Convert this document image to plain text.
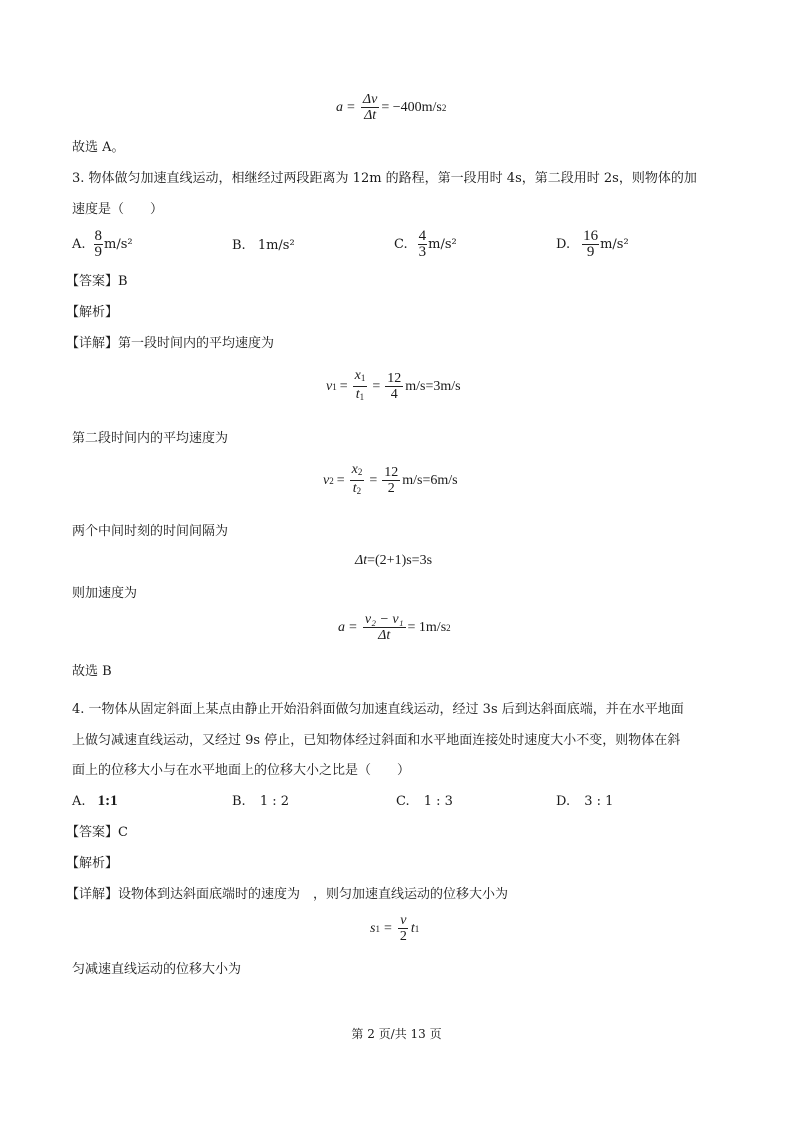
$a = \frac{\Delta v}{\Delta t} = -400m/s$ 2
故选 A。
3. 物体做匀加速直线运动，相继经过两段距离为 12m 的路程，第一段用时 4s，第二段用时 2s，则物体的加
速度是（　　）
A. $\frac{8}{9} m/s^2$	B. 1m/s²	C. $\frac{4}{3} m/s^2$	D. $\frac{16}{9} m/s^2$
【答案】B
【解析】
【详解】第一段时间内的平均速度为
v $1 = \frac{x_1}{t_1} = \frac{12}{4} m/s=3m/s$
第二段时间内的平均速度为
v $2 = \frac{x_2}{t_2} = \frac{12}{2} m/s=6m/s$
两个中间时刻的时间间隔为
Δt=(2+1)s=3s
则加速度为
$a = \frac{\text{v₂ − v₁}}{\Delta t} = 1m/s$ 2
故选 B
4. 一物体从固定斜面上某点由静止开始沿斜面做匀加速直线运动，经过 3s 后到达斜面底端，并在水平地面
上做匀减速直线运动，又经过 9s 停止，已知物体经过斜面和水平地面连接处时速度大小不变，则物体在斜
面上的位移大小与在水平地面上的位移大小之比是（　　）
A. 1:1	B. 1 : 2	C. 1 : 3	D. 3 : 1
【答案】C
【解析】
【详解】设物体到达斜面底端时的速度为　，则匀加速直线运动的位移大小为
s $1 = \frac{v}{2}$ t 1
匀减速直线运动的位移大小为
第 2 页/共 13 页
